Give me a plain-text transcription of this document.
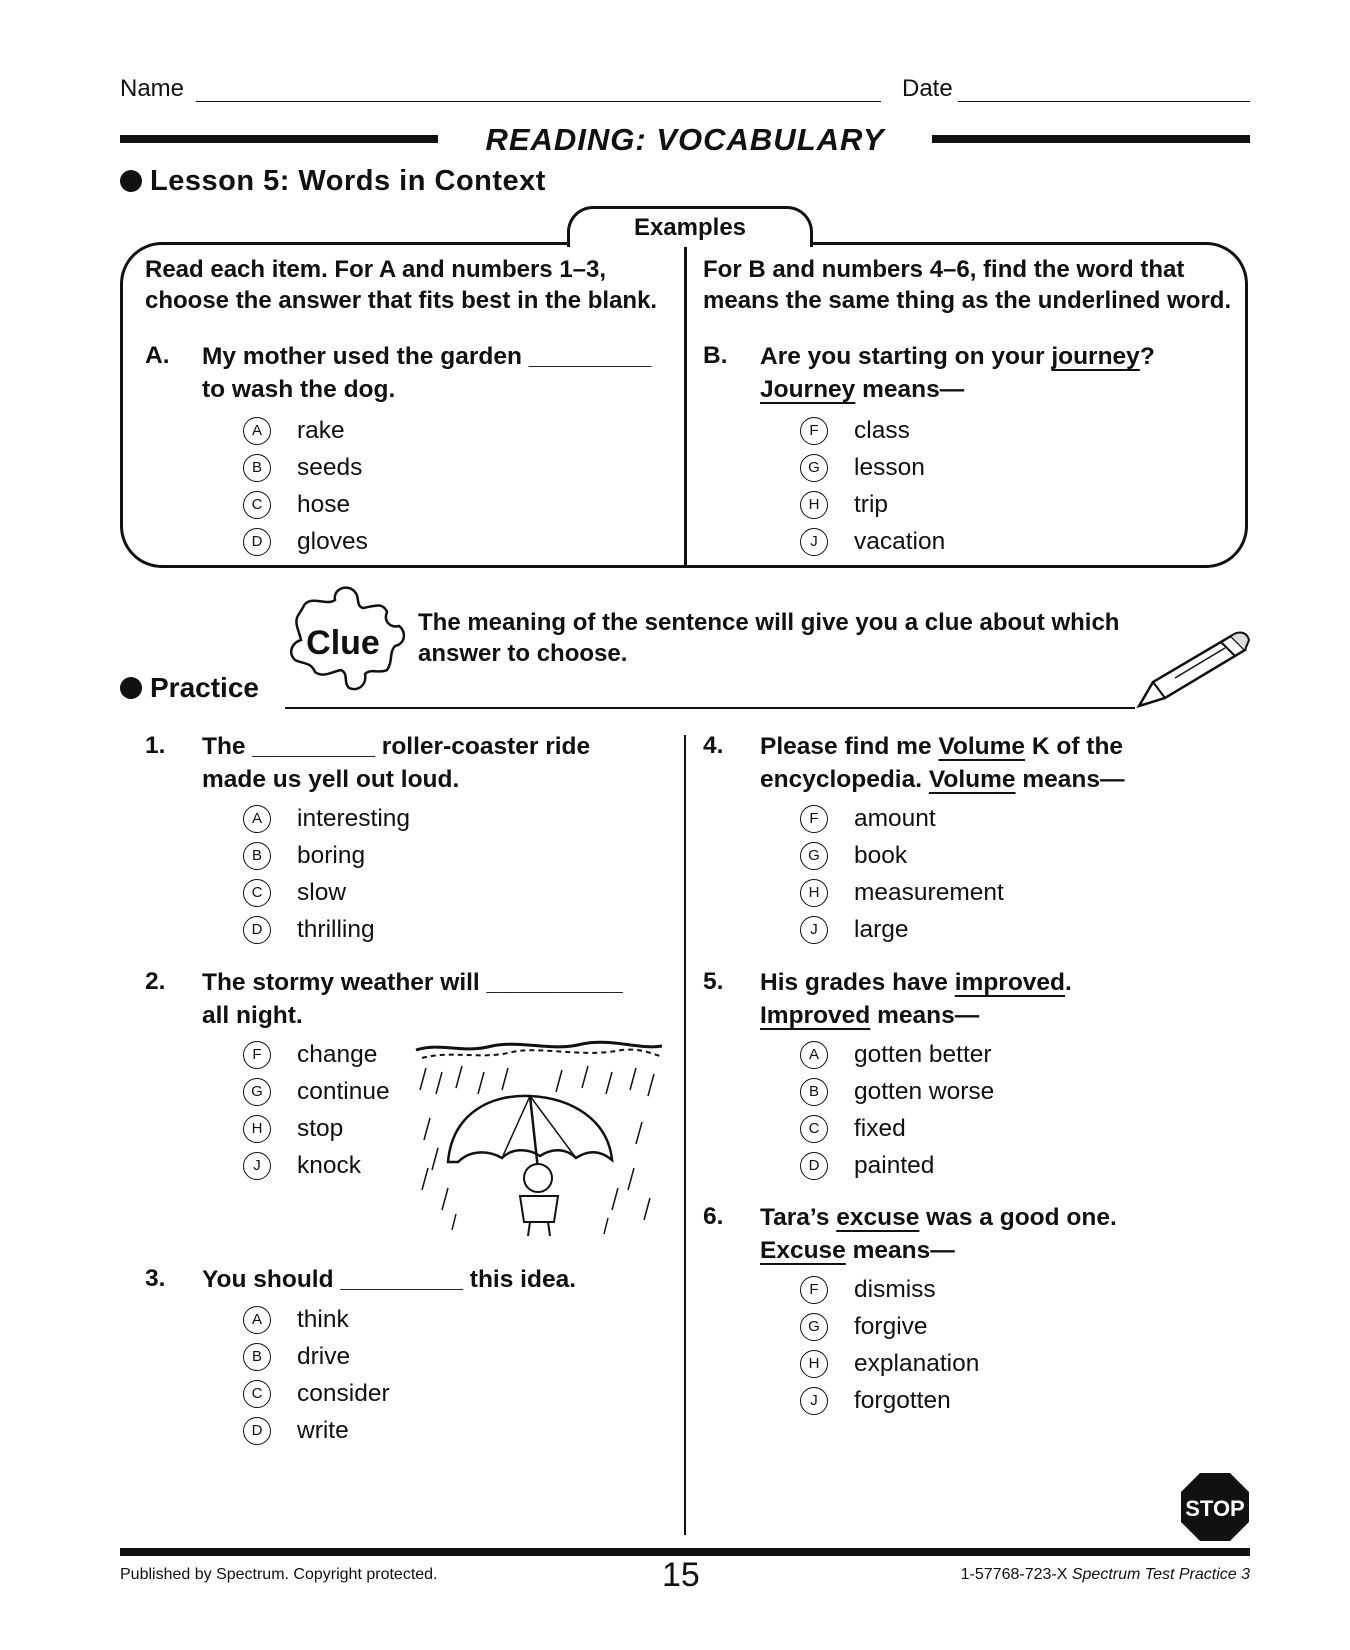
Name	Date
READING: VOCABULARY
Lesson 5: Words in Context
Examples
Read each item. For A and numbers 1–3,
choose the answer that fits best in the blank.
For B and numbers 4–6, find the word that
means the same thing as the underlined word.
A. My mother used the garden _________
to wash the dog.
A	rake
B	seeds
C	hose
D	gloves
B. Are you starting on your journey?
Journey means—
F	class
G	lesson
H	trip
J	vacation
Clue
The meaning of the sentence will give you a clue about which
answer to choose.
Practice
1. The _________ roller-coaster ride
made us yell out loud.
A	interesting
B	boring
C	slow
D	thrilling
2. The stormy weather will __________
all night.
F	change
G	continue
H	stop
J	knock
3. You should _________ this idea.
A	think
B	drive
C	consider
D	write
4. Please find me Volume K of the
encyclopedia. Volume means—
F	amount
G	book
H	measurement
J	large
5. His grades have improved.
Improved means—
A	gotten better
B	gotten worse
C	fixed
D	painted
6. Tara’s excuse was a good one.
Excuse means—
F	dismiss
G	forgive
H	explanation
J	forgotten
STOP
Published by Spectrum. Copyright protected.	15	1-57768-723-X Spectrum Test Practice 3
